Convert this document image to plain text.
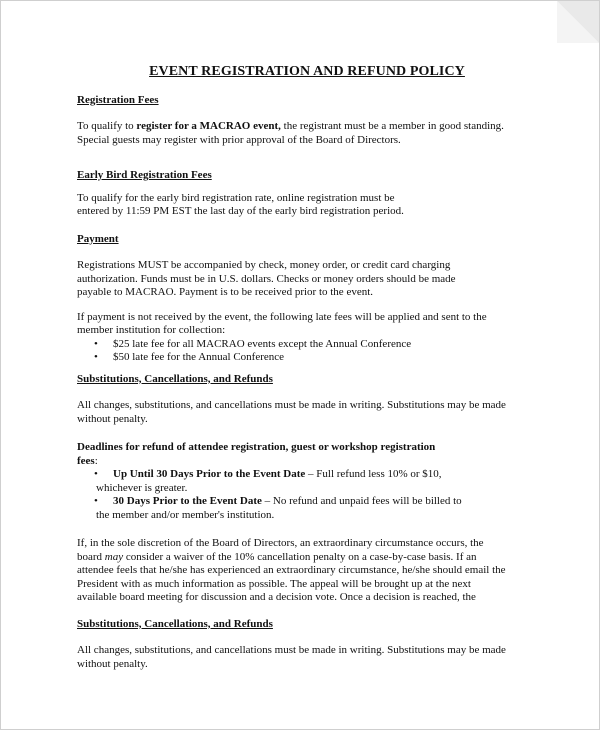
EVENT REGISTRATION AND REFUND POLICY
Registration Fees
To qualify to register for a MACRAO event, the registrant must be a member in good standing.
Special guests may register with prior approval of the Board of Directors.
Early Bird Registration Fees
To qualify for the early bird registration rate, online registration must be
entered by 11:59 PM EST the last day of the early bird registration period.
Payment
Registrations MUST be accompanied by check, money order, or credit card charging
authorization. Funds must be in U.S. dollars. Checks or money orders should be made
payable to MACRAO. Payment is to be received prior to the event.
If payment is not received by the event, the following late fees will be applied and sent to the
member institution for collection:
• $25 late fee for all MACRAO events except the Annual Conference
• $50 late fee for the Annual Conference
Substitutions, Cancellations, and Refunds
All changes, substitutions, and cancellations must be made in writing. Substitutions may be made
without penalty.
Deadlines for refund of attendee registration, guest or workshop registration
fees:
• Up Until 30 Days Prior to the Event Date – Full refund less 10% or $10,
whichever is greater.
• 30 Days Prior to the Event Date – No refund and unpaid fees will be billed to
the member and/or member's institution.
If, in the sole discretion of the Board of Directors, an extraordinary circumstance occurs, the
board may consider a waiver of the 10% cancellation penalty on a case-by-case basis. If an
attendee feels that he/she has experienced an extraordinary circumstance, he/she should email the
President with as much information as possible. The appeal will be brought up at the next
available board meeting for discussion and a decision vote. Once a decision is reached, the
Substitutions, Cancellations, and Refunds
All changes, substitutions, and cancellations must be made in writing. Substitutions may be made
without penalty.
